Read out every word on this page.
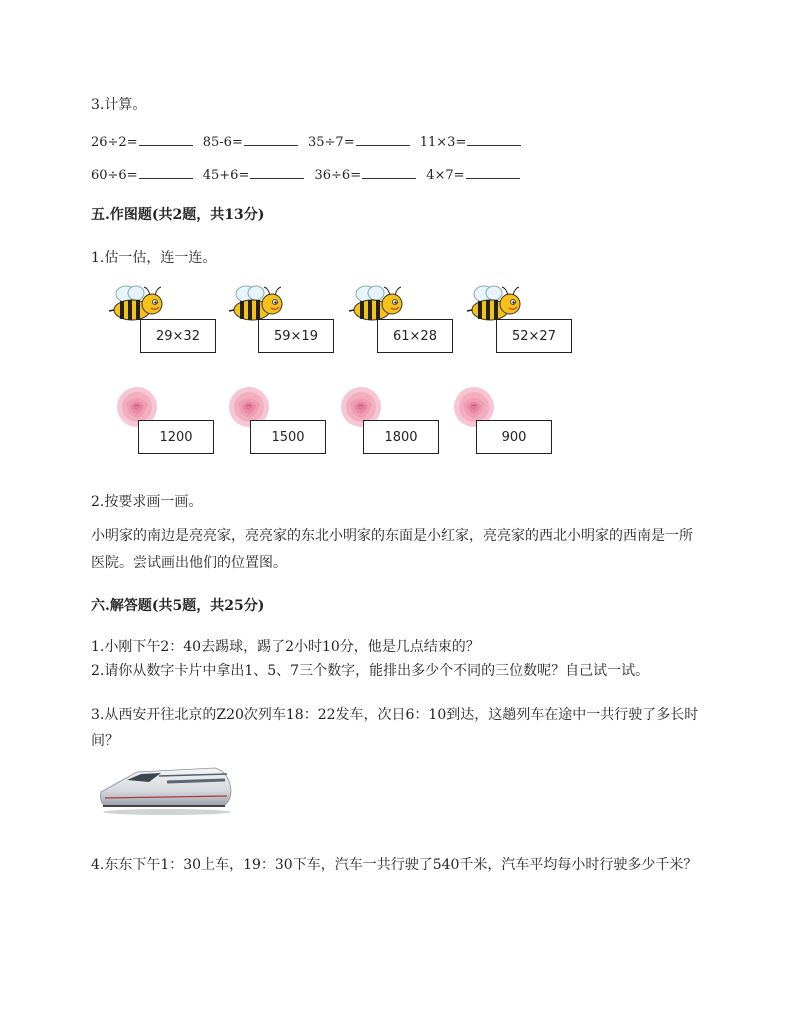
3.计算。
26÷2=	85-6=	35÷7=	11×3=
60÷6=	45+6=	36÷6=	4×7=
五.作图题(共2题，共13分)
1.估一估，连一连。
29×32	59×19	61×28	52×27
1200	1500	1800	900
2.按要求画一画。
小明家的南边是亮亮家，亮亮家的东北小明家的东面是小红家，亮亮家的西北小明家的西南是一所医院。尝试画出他们的位置图。
六.解答题(共5题，共25分)
1.小刚下午2：40去踢球，踢了2小时10分，他是几点结束的？
2.请你从数字卡片中拿出1、5、7三个数字，能排出多少个不同的三位数呢？自己试一试。
3.从西安开往北京的Z20次列车18：22发车，次日6：10到达，这趟列车在途中一共行驶了多长时间？
4.东东下午1：30上车，19：30下车，汽车一共行驶了540千米，汽车平均每小时行驶多少千米？
